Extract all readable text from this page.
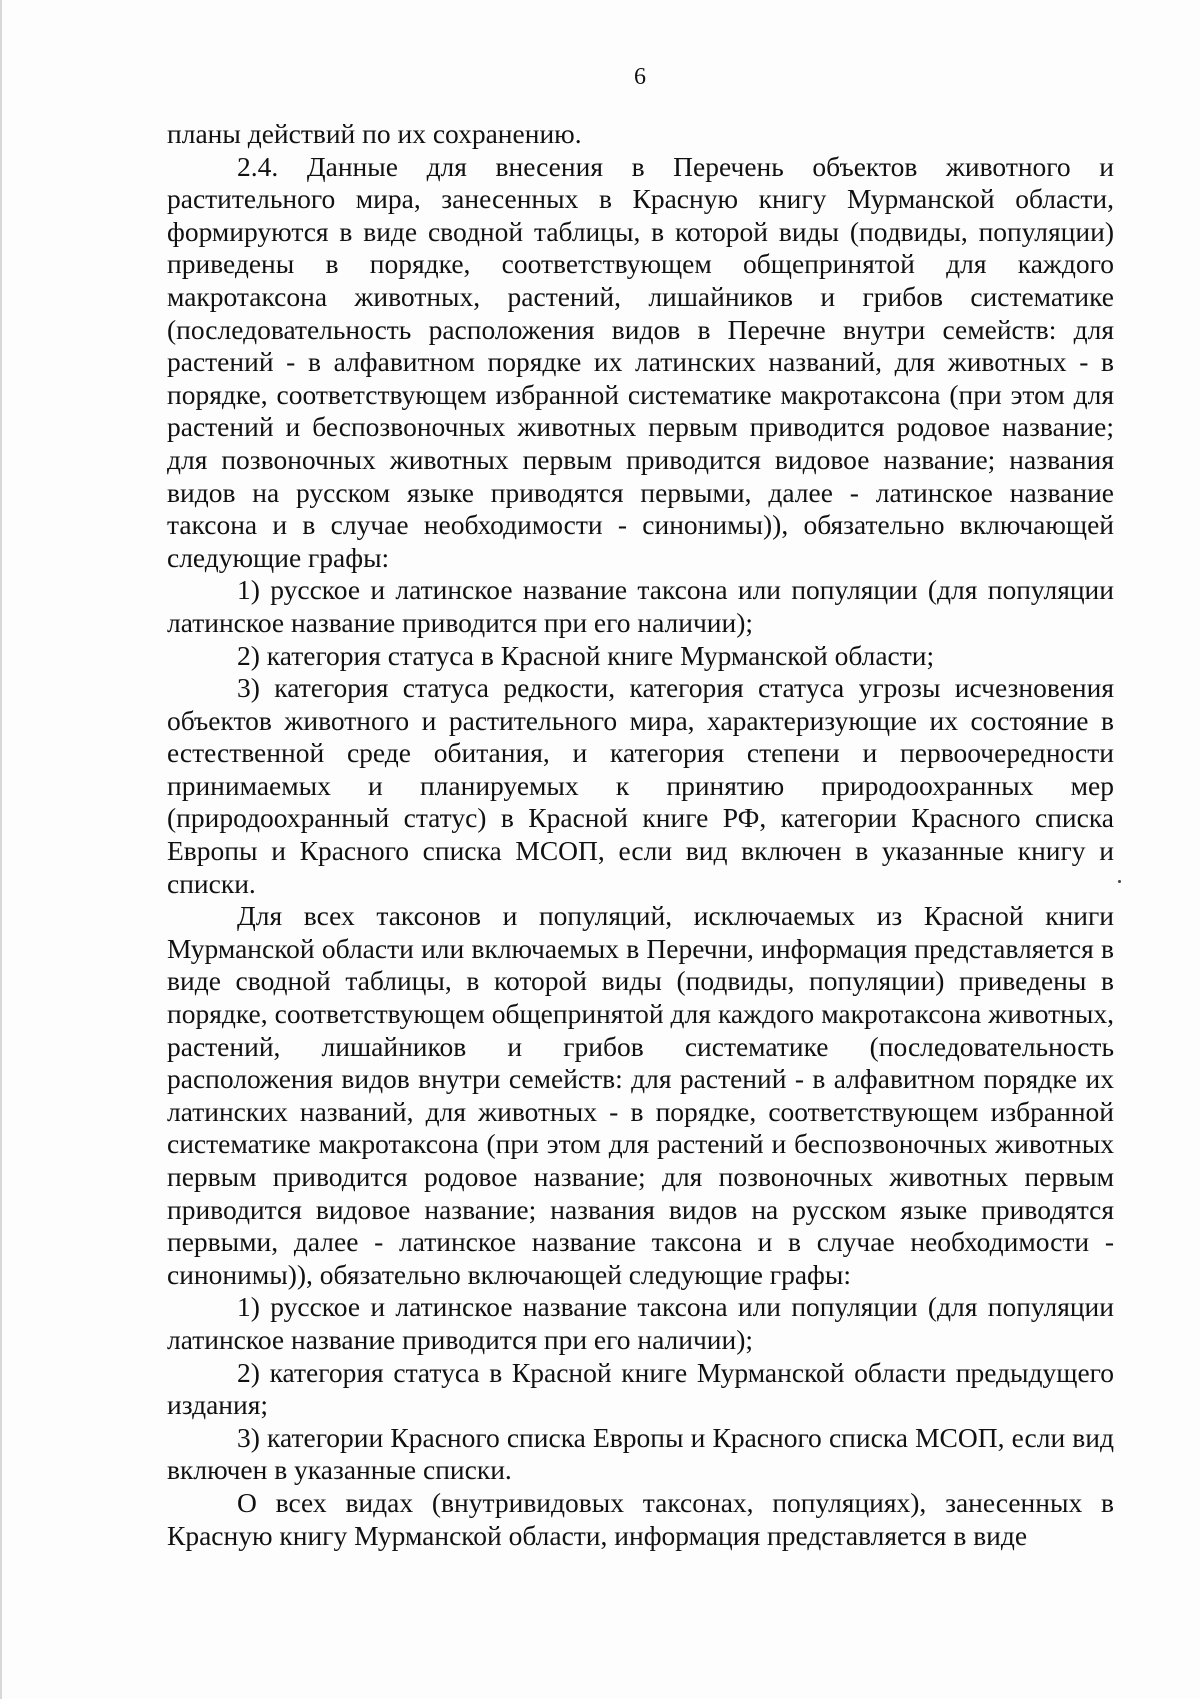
6

планы действий по их сохранению.

2.4. Данные для внесения в Перечень объектов животного и растительного мира, занесенных в Красную книгу Мурманской области, формируются в виде сводной таблицы, в которой виды (подвиды, популяции) приведены в порядке, соответствующем общепринятой для каждого макротаксона животных, растений, лишайников и грибов систематике (последовательность расположения видов в Перечне внутри семейств: для растений - в алфавитном порядке их латинских названий, для животных - в порядке, соответствующем избранной систематике макротаксона (при этом для растений и беспозвоночных животных первым приводится родовое название; для позвоночных животных первым приводится видовое название; названия видов на русском языке приводятся первыми, далее - латинское название таксона и в случае необходимости - синонимы)), обязательно включающей следующие графы:

1) русское и латинское название таксона или популяции (для популяции латинское название приводится при его наличии);

2) категория статуса в Красной книге Мурманской области;

3) категория статуса редкости, категория статуса угрозы исчезновения объектов животного и растительного мира, характеризующие их состояние в естественной среде обитания, и категория степени и первоочередности принимаемых и планируемых к принятию природоохранных мер (природоохранный статус) в Красной книге РФ, категории Красного списка Европы и Красного списка МСОП, если вид включен в указанные книгу и списки.

Для всех таксонов и популяций, исключаемых из Красной книги Мурманской области или включаемых в Перечни, информация представляется в виде сводной таблицы, в которой виды (подвиды, популяции) приведены в порядке, соответствующем общепринятой для каждого макротаксона животных, растений, лишайников и грибов систематике (последовательность расположения видов внутри семейств: для растений - в алфавитном порядке их латинских названий, для животных - в порядке, соответствующем избранной систематике макротаксона (при этом для растений и беспозвоночных животных первым приводится родовое название; для позвоночных животных первым приводится видовое название; названия видов на русском языке приводятся первыми, далее - латинское название таксона и в случае необходимости - синонимы)), обязательно включающей следующие графы:

1) русское и латинское название таксона или популяции (для популяции латинское название приводится при его наличии);

2) категория статуса в Красной книге Мурманской области предыдущего издания;

3) категории Красного списка Европы и Красного списка МСОП, если вид включен в указанные списки.

О всех видах (внутривидовых таксонах, популяциях), занесенных в Красную книгу Мурманской области, информация представляется в виде
